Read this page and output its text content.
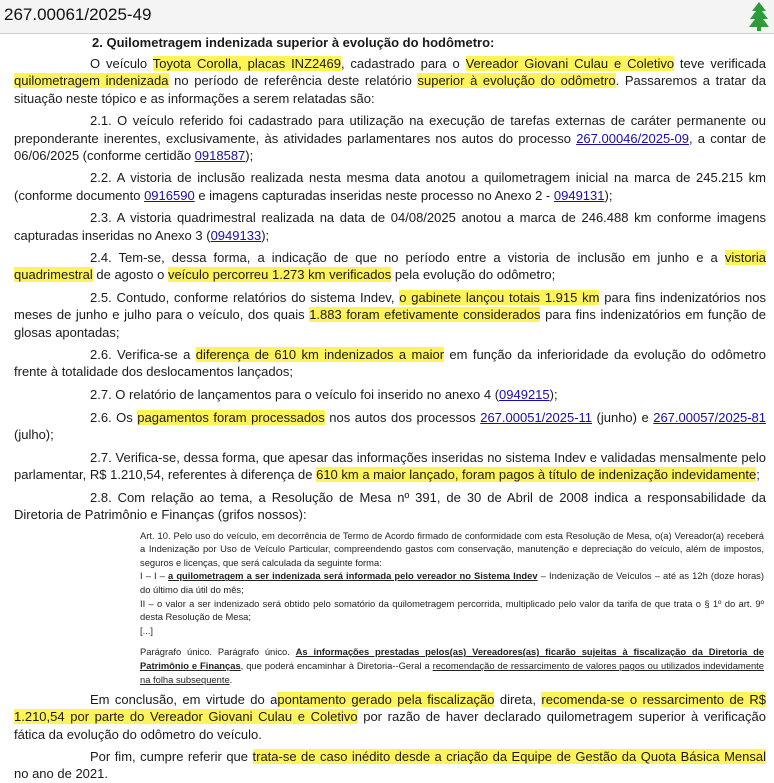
267.00061/2025-49

2. Quilometragem indenizada superior à evolução do hodômetro:

O veículo Toyota Corolla, placas INZ2469, cadastrado para o Vereador Giovani Culau e Coletivo teve verificada quilometragem indenizada no período de referência deste relatório superior à evolução do odômetro. Passaremos a tratar da situação neste tópico e as informações a serem relatadas são:

2.1. O veículo referido foi cadastrado para utilização na execução de tarefas externas de caráter permanente ou preponderante inerentes, exclusivamente, às atividades parlamentares nos autos do processo 267.00046/2025-09, a contar de 06/06/2025 (conforme certidão 0918587);

2.2. A vistoria de inclusão realizada nesta mesma data anotou a quilometragem inicial na marca de 245.215 km (conforme documento 0916590 e imagens capturadas inseridas neste processo no Anexo 2 - 0949131);

2.3. A vistoria quadrimestral realizada na data de 04/08/2025 anotou a marca de 246.488 km conforme imagens capturadas inseridas no Anexo 3 (0949133);

2.4. Tem-se, dessa forma, a indicação de que no período entre a vistoria de inclusão em junho e a vistoria quadrimestral de agosto o veículo percorreu 1.273 km verificados pela evolução do odômetro;

2.5. Contudo, conforme relatórios do sistema Indev, o gabinete lançou totais 1.915 km para fins indenizatórios nos meses de junho e julho para o veículo, dos quais 1.883 foram efetivamente considerados para fins indenizatórios em função de glosas apontadas;

2.6. Verifica-se a diferença de 610 km indenizados a maior em função da inferioridade da evolução do odômetro frente à totalidade dos deslocamentos lançados;

2.7. O relatório de lançamentos para o veículo foi inserido no anexo 4 (0949215);

2.6. Os pagamentos foram processados nos autos dos processos 267.00051/2025-11 (junho) e 267.00057/2025-81 (julho);

2.7. Verifica-se, dessa forma, que apesar das informações inseridas no sistema Indev e validadas mensalmente pelo parlamentar, R$ 1.210,54, referentes à diferença de 610 km a maior lançado, foram pagos à título de indenização indevidamente;

2.8. Com relação ao tema, a Resolução de Mesa nº 391, de 30 de Abril de 2008 indica a responsabilidade da Diretoria de Patrimônio e Finanças (grifos nossos):

Art. 10. Pelo uso do veículo, em decorrência de Termo de Acordo firmado de conformidade com esta Resolução de Mesa, o(a) Vereador(a) receberá a Indenização por Uso de Veículo Particular, compreendendo gastos com conservação, manutenção e depreciação do veículo, além de impostos, seguros e licenças, que será calculada da seguinte forma:

I – I – a quilometragem a ser indenizada será informada pelo vereador no Sistema Indev – Indenização de Veículos – até as 12h (doze horas) do último dia útil do mês;

II – o valor a ser indenizado será obtido pelo somatório da quilometragem percorrida, multiplicado pelo valor da tarifa de que trata o § 1º do art. 9º desta Resolução de Mesa;

[...]

Parágrafo único. Parágrafo único. As informações prestadas pelos(as) Vereadores(as) ficarão sujeitas à fiscalização da Diretoria de Patrimônio e Finanças, que poderá encaminhar à Diretoria--Geral a recomendação de ressarcimento de valores pagos ou utilizados indevidamente na folha subsequente.

Em conclusão, em virtude do apontamento gerado pela fiscalização direta, recomenda-se o ressarcimento de R$ 1.210,54 por parte do Vereador Giovani Culau e Coletivo por razão de haver declarado quilometragem superior à verificação fática da evolução do odômetro do veículo.

Por fim, cumpre referir que trata-se de caso inédito desde a criação da Equipe de Gestão da Quota Básica Mensal no ano de 2021.
